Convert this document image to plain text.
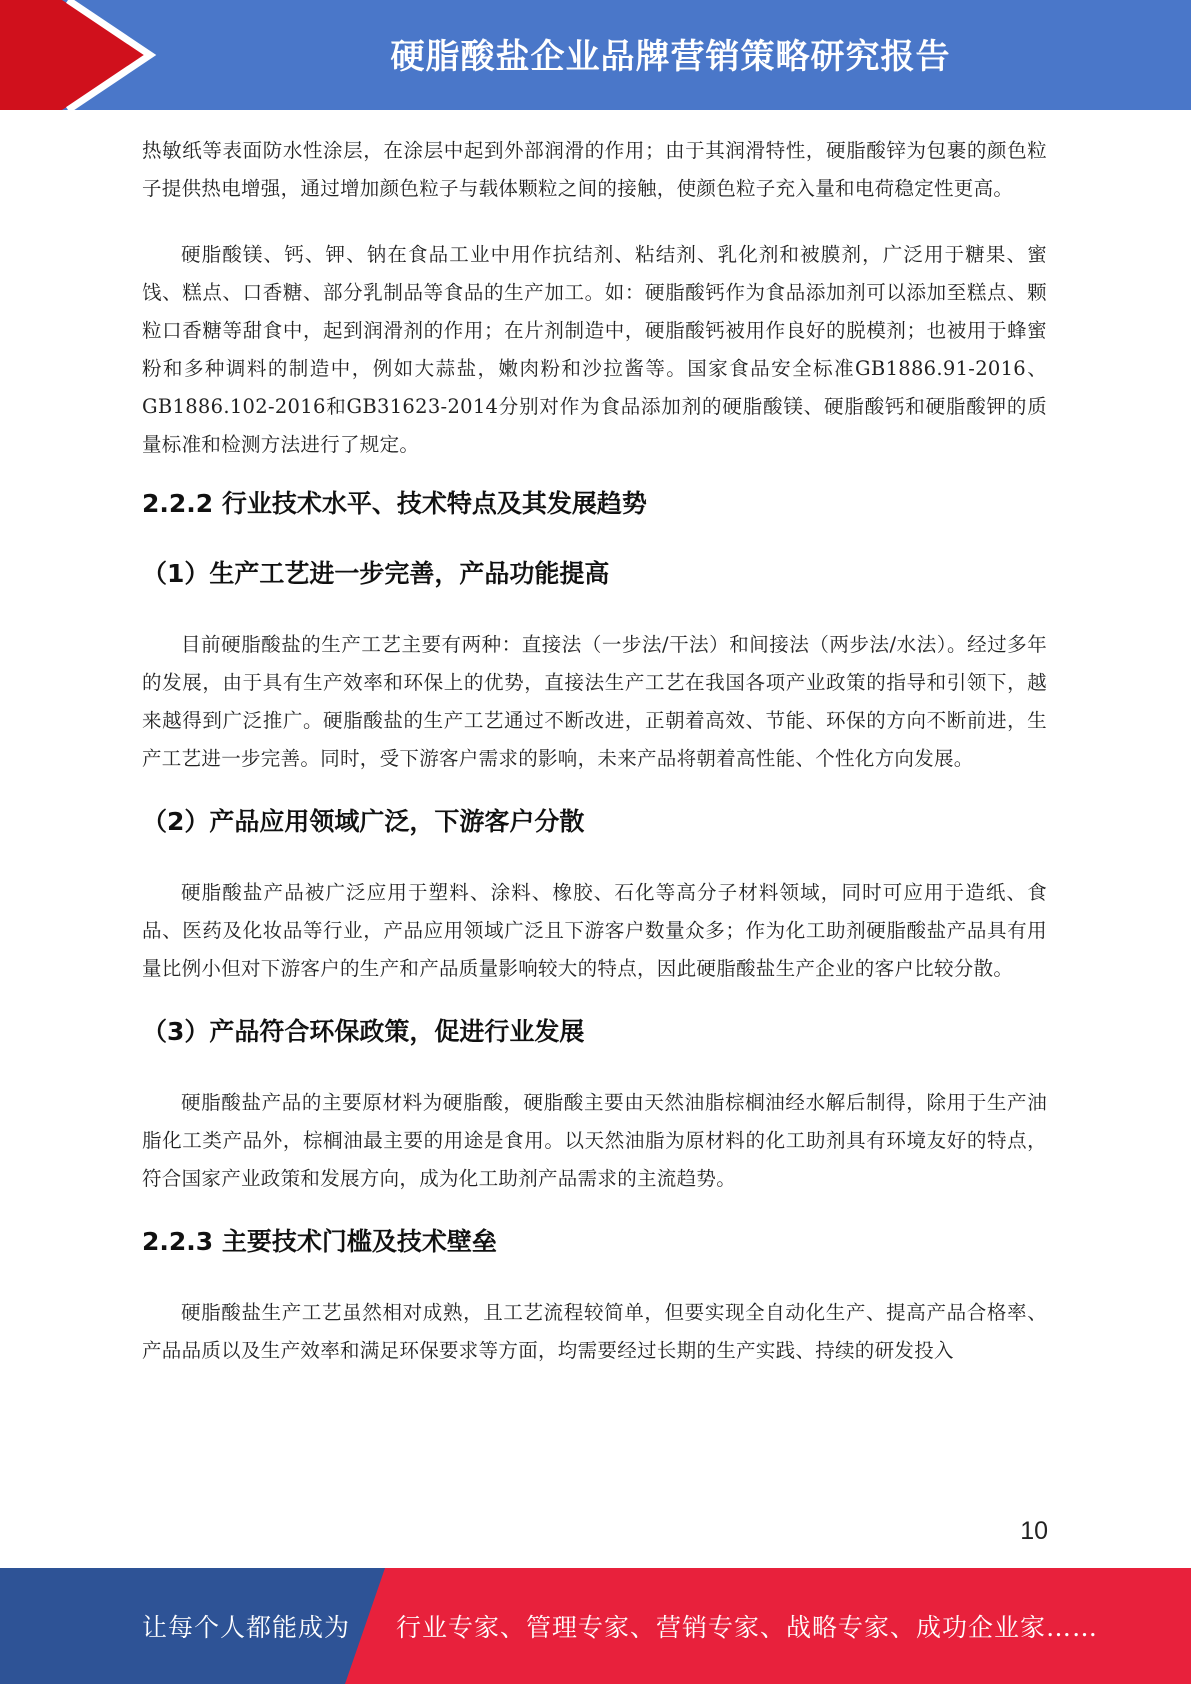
硬脂酸盐企业品牌营销策略研究报告

热敏纸等表面防水性涂层，在涂层中起到外部润滑的作用；由于其润滑特性，硬脂酸锌为包裹的颜色粒子提供热电增强，通过增加颜色粒子与载体颗粒之间的接触，使颜色粒子充入量和电荷稳定性更高。

硬脂酸镁、钙、钾、钠在食品工业中用作抗结剂、粘结剂、乳化剂和被膜剂，广泛用于糖果、蜜饯、糕点、口香糖、部分乳制品等食品的生产加工。如：硬脂酸钙作为食品添加剂可以添加至糕点、颗粒口香糖等甜食中，起到润滑剂的作用；在片剂制造中，硬脂酸钙被用作良好的脱模剂；也被用于蜂蜜粉和多种调料的制造中，例如大蒜盐，嫩肉粉和沙拉酱等。国家食品安全标准GB1886.91-2016、GB1886.102-2016和GB31623-2014分别对作为食品添加剂的硬脂酸镁、硬脂酸钙和硬脂酸钾的质量标准和检测方法进行了规定。

2.2.2 行业技术水平、技术特点及其发展趋势
（1）生产工艺进一步完善，产品功能提高

目前硬脂酸盐的生产工艺主要有两种：直接法（一步法/干法）和间接法（两步法/水法）。经过多年的发展，由于具有生产效率和环保上的优势，直接法生产工艺在我国各项产业政策的指导和引领下，越来越得到广泛推广。硬脂酸盐的生产工艺通过不断改进，正朝着高效、节能、环保的方向不断前进，生产工艺进一步完善。同时，受下游客户需求的影响，未来产品将朝着高性能、个性化方向发展。

（2）产品应用领域广泛，下游客户分散

硬脂酸盐产品被广泛应用于塑料、涂料、橡胶、石化等高分子材料领域，同时可应用于造纸、食品、医药及化妆品等行业，产品应用领域广泛且下游客户数量众多；作为化工助剂硬脂酸盐产品具有用量比例小但对下游客户的生产和产品质量影响较大的特点，因此硬脂酸盐生产企业的客户比较分散。

（3）产品符合环保政策，促进行业发展

硬脂酸盐产品的主要原材料为硬脂酸，硬脂酸主要由天然油脂棕榈油经水解后制得，除用于生产油脂化工类产品外，棕榈油最主要的用途是食用。以天然油脂为原材料的化工助剂具有环境友好的特点，符合国家产业政策和发展方向，成为化工助剂产品需求的主流趋势。

2.2.3 主要技术门槛及技术壁垒

硬脂酸盐生产工艺虽然相对成熟，且工艺流程较简单，但要实现全自动化生产、提高产品合格率、产品品质以及生产效率和满足环保要求等方面，均需要经过长期的生产实践、持续的研发投入

10
让每个人都能成为 行业专家、管理专家、营销专家、战略专家、成功企业家……
